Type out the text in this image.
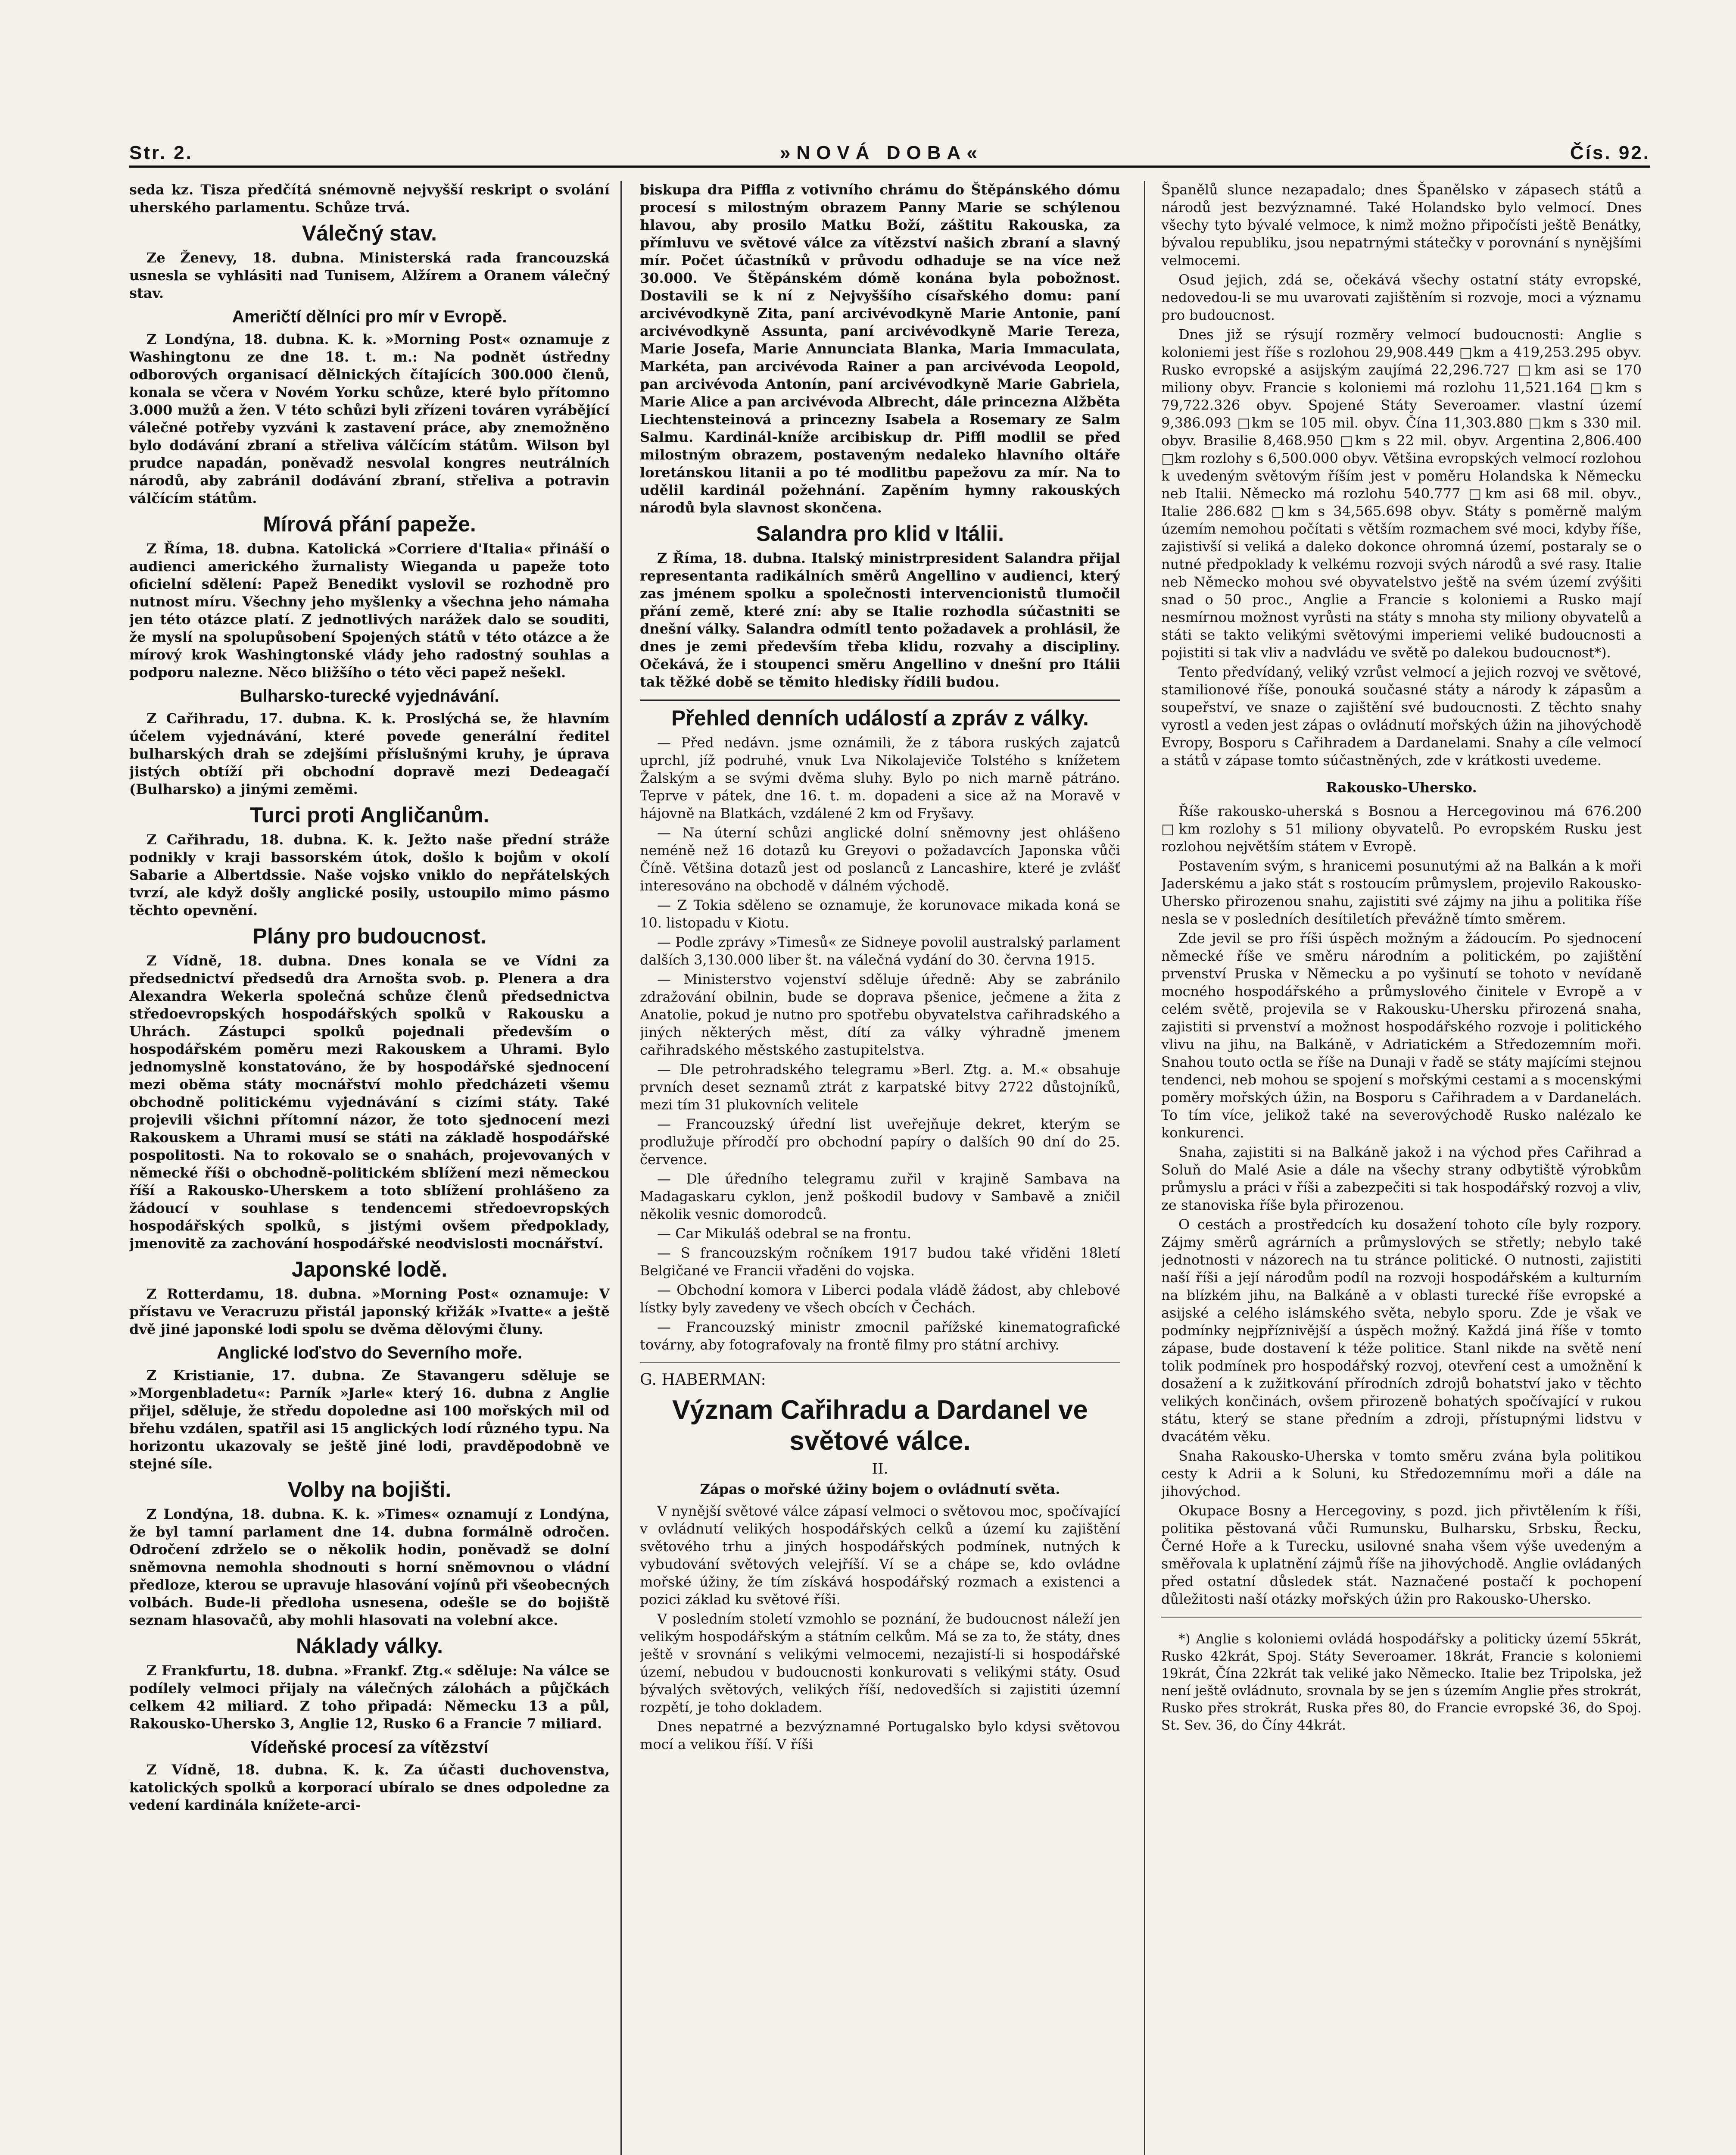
Str. 2.	»NOVÁ DOBA«	Čís. 92.

seda kz. Tisza předčítá snémovně nejvyšší reskript o svolání uherského parlamentu. Schůze trvá.

Válečný stav.

Ze Ženevy, 18. dubna. Ministerská rada francouzská usnesla se vyhlásiti nad Tunisem, Alžírem a Oranem válečný stav.

Američtí dělníci pro mír v Evropě.

Z Londýna, 18. dubna. K. k. »Morning Post« oznamuje z Washingtonu ze dne 18. t. m.: Na podnět ústředny odborových organisací dělnických čítajících 300.000 členů, konala se včera v Novém Yorku schůze, které bylo přítomno 3.000 mužů a žen. V této schůzi byli zřízeni továren vyrábějící válečné potřeby vyzváni k zastavení práce, aby znemožněno bylo dodávání zbraní a střeliva válčícím státům. Wilson byl prudce napadán, poněvadž nesvolal kongres neutrálních národů, aby zabránil dodávání zbraní, střeliva a potravin válčícím státům.

Mírová přání papeže.

Z Říma, 18. dubna. Katolická »Corriere d'Italia« přináší o audienci amerického žurnalisty Wieganda u papeže toto oficielní sdělení: Papež Benedikt vyslovil se rozhodně pro nutnost míru. Všechny jeho myšlenky a všechna jeho námaha jen této otázce platí. Z jednotlivých narážek dalo se souditi, že myslí na spolupůsobení Spojených států v této otázce a že mírový krok Washingtonské vlády jeho radostný souhlas a podporu nalezne. Něco bližšího o této věci papež nešekl.

Bulharsko-turecké vyjednávání.

Z Cařihradu, 17. dubna. K. k. Proslýchá se, že hlavním účelem vyjednávání, které povede generální ředitel bulharských drah se zdejšími příslušnými kruhy, je úprava jistých obtíží při obchodní dopravě mezi Dedeagačí (Bulharsko) a jinými zeměmi.

Turci proti Angličanům.

Z Cařihradu, 18. dubna. K. k. Ježto naše přední stráže podnikly v kraji bassorském útok, došlo k bojům v okolí Sabarie a Albertdssie. Naše vojsko vniklo do nepřátelských tvrzí, ale když došly anglické posily, ustoupilo mimo pásmo těchto opevnění.

Plány pro budoucnost.

Z Vídně, 18. dubna. Dnes konala se ve Vídni za předsednictví předsedů dra Arnošta svob. p. Plenera a dra Alexandra Wekerla společná schůze členů předsednictva středoevropských hospodářských spolků v Rakousku a Uhrách. Zástupci spolků pojednali především o hospodářském poměru mezi Rakouskem a Uhrami. Bylo jednomyslně konstatováno, že by hospodářské sjednocení mezi oběma státy mocnářství mohlo předcházeti všemu obchodně politickému vyjednávání s cizími státy. Také projevili všichni přítomní názor, že toto sjednocení mezi Rakouskem a Uhrami musí se státi na základě hospodářské pospolitosti. Na to rokovalo se o snahách, projevovaných v německé říši o obchodně-politickém sblížení mezi německou říší a Rakousko-Uherskem a toto sblížení prohlášeno za žádoucí v souhlase s tendencemi středoevropských hospodářských spolků, s jistými ovšem předpoklady, jmenovitě za zachování hospodářské neodvislosti mocnářství.

Japonské lodě.

Z Rotterdamu, 18. dubna. »Morning Post« oznamuje: V přístavu ve Veracruzu přistál japonský křižák »Ivatte« a ještě dvě jiné japonské lodi spolu se dvěma dělovými čluny.

Anglické loďstvo do Severního moře.

Z Kristianie, 17. dubna. Ze Stavangeru sděluje se »Morgenbladetu«: Parník »Jarle« který 16. dubna z Anglie přijel, sděluje, že středu dopoledne asi 100 mořských mil od břehu vzdálen, spatřil asi 15 anglických lodí různého typu. Na horizontu ukazovaly se ještě jiné lodi, pravděpodobně ve stejné síle.

Volby na bojišti.

Z Londýna, 18. dubna. K. k. »Times« oznamují z Londýna, že byl tamní parlament dne 14. dubna formálně odročen. Odročení zdrželo se o několik hodin, poněvadž se dolní sněmovna nemohla shodnouti s horní sněmovnou o vládní předloze, kterou se upravuje hlasování vojínů při všeobecných volbách. Bude-li předloha usnesena, odešle se do bojiště seznam hlasovačů, aby mohli hlasovati na volební akce.

Náklady války.

Z Frankfurtu, 18. dubna. »Frankf. Ztg.« sděluje: Na válce se podílely velmoci přijaly na válečných zálohách a půjčkách celkem 42 miliard. Z toho připadá: Německu 13 a půl, Rakousko-Uhersko 3, Anglie 12, Rusko 6 a Francie 7 miliard.

Vídeňské procesí za vítězství

Z Vídně, 18. dubna. K. k. Za účasti duchovenstva, katolických spolků a korporací ubíralo se dnes odpoledne za vedení kardinála knížete-arci-

biskupa dra Piffla z votivního chrámu do Štěpánského dómu procesí s milostným obrazem Panny Marie se schýlenou hlavou, aby prosilo Matku Boží, záštitu Rakouska, za přímluvu ve světové válce za vítězství našich zbraní a slavný mír. Počet účastníků v průvodu odhaduje se na více než 30.000. Ve Štěpánském dómě konána byla pobožnost. Dostavili se k ní z Nejvyššího císařského domu: paní arcivévodkyně Zita, paní arcivévodkyně Marie Antonie, paní arcivévodkyně Assunta, paní arcivévodkyně Marie Tereza, Marie Josefa, Marie Annunciata Blanka, Maria Immaculata, Markéta, pan arcivévoda Rainer a pan arcivévoda Leopold, pan arcivévoda Antonín, paní arcivévodkyně Marie Gabriela, Marie Alice a pan arcivévoda Albrecht, dále princezna Alžběta Liechtensteinová a princezny Isabela a Rosemary ze Salm Salmu. Kardinál-kníže arcibiskup dr. Piffl modlil se před milostným obrazem, postaveným nedaleko hlavního oltáře loretánskou litanii a po té modlitbu papežovu za mír. Na to udělil kardinál požehnání. Zapěním hymny rakouských národů byla slavnost skončena.

Salandra pro klid v Itálii.

Z Říma, 18. dubna. Italský ministrpresident Salandra přijal representanta radikálních směrů Angellino v audienci, který zas jménem spolku a společnosti intervencionistů tlumočil přání země, které zní: aby se Italie rozhodla súčastniti se dnešní války. Salandra odmítl tento požadavek a prohlásil, že dnes je zemi především třeba klidu, rozvahy a discipliny. Očekává, že i stoupenci směru Angellino v dnešní pro Itálii tak těžké době se těmito hledisky řídili budou.

Přehled denních událostí a zpráv z války.

— Před nedávn. jsme oznámili, že z tábora ruských zajatců uprchl, jíž podruhé, vnuk Lva Nikolajeviče Tolstého s knížetem Žalským a se svými dvěma sluhy. Bylo po nich marně pátráno. Teprve v pátek, dne 16. t. m. dopadeni a sice až na Moravě v hájovně na Blatkách, vzdálené 2 km od Fryšavy.

— Na úterní schůzi anglické dolní sněmovny jest ohlášeno neméně než 16 dotazů ku Greyovi o požadavcích Japonska vůči Číně. Většina dotazů jest od poslanců z Lancashire, které je zvlášť interesováno na obchodě v dálném východě.

— Z Tokia sděleno se oznamuje, že korunovace mikada koná se 10. listopadu v Kiotu.

— Podle zprávy »Timesů« ze Sidneye povolil australský parlament dalších 3,130.000 liber št. na válečná vydání do 30. června 1915.

— Ministerstvo vojenství sděluje úředně: Aby se zabránilo zdražování obilnin, bude se doprava pšenice, ječmene a žita z Anatolie, pokud je nutno pro spotřebu obyvatelstva cařihradského a jiných některých měst, dítí za války výhradně jmenem cařihradského městského zastupitelstva.

— Dle petrohradského telegramu »Berl. Ztg. a. M.« obsahuje prvních deset seznamů ztrát z karpatské bitvy 2722 důstojníků, mezi tím 31 plukovních velitele

— Francouzský úřední list uveřejňuje dekret, kterým se prodlužuje přírodčí pro obchodní papíry o dalších 90 dní do 25. července.

— Dle úředního telegramu zuřil v krajině Sambava na Madagaskaru cyklon, jenž poškodil budovy v Sambavě a zničil několik vesnic domorodců.

— Car Mikuláš odebral se na frontu.

— S francouzským ročníkem 1917 budou také vřiděni 18letí Belgičané ve Francii vřaděni do vojska.

— Obchodní komora v Liberci podala vládě žádost, aby chlebové lístky byly zavedeny ve všech obcích v Čechách.

— Francouzský ministr zmocnil pařížské kinematografické továrny, aby fotografovaly na frontě filmy pro státní archivy.

G. HABERMAN:
Význam Cařihradu a Dardanel ve světové válce.
II.
Zápas o mořské úžiny bojem o ovládnutí světa.

V nynější světové válce zápasí velmoci o světovou moc, spočívající v ovládnutí velikých hospodářských celků a území ku zajištění světového trhu a jiných hospodářských podmínek, nutných k vybudování světových velejříší. Ví se a chápe se, kdo ovládne mořské úžiny, že tím získává hospodářský rozmach a existenci a pozici základ ku světové říši.

V posledním století vzmohlo se poznání, že budoucnost náleží jen velikým hospodářským a státním celkům. Má se za to, že státy, dnes ještě v srovnání s velikými velmocemi, nezajistí-li si hospodářské území, nebudou v budoucnosti konkurovati s velikými státy. Osud bývalých světových, velikých říší, nedovedších si zajistiti územní rozpětí, je toho dokladem.

Dnes nepatrné a bezvýznamné Portugalsko bylo kdysi světovou mocí a velikou říší. V říši

Španělů slunce nezapadalo; dnes Španělsko v zápasech států a národů jest bezvýznamné. Také Holandsko bylo velmocí. Dnes všechy tyto bývalé velmoce, k nimž možno připočísti ještě Benátky, bývalou republiku, jsou nepatrnými státečky v porovnání s nynějšími velmocemi.

Osud jejich, zdá se, očekává všechy ostatní státy evropské, nedovedou-li se mu uvarovati zajištěním si rozvoje, moci a významu pro budoucnost.

Dnes již se rýsují rozměry velmocí budoucnosti: Anglie s koloniemi jest říše s rozlohou 29,908.449 □km a 419,253.295 obyv. Rusko evropské a asijským zaujímá 22,296.727 □km asi se 170 miliony obyv. Francie s koloniemi má rozlohu 11,521.164 □km s 79,722.326 obyv. Spojené Státy Severoamer. vlastní území 9,386.093 □km se 105 mil. obyv. Čína 11,303.880 □km s 330 mil. obyv. Brasilie 8,468.950 □km s 22 mil. obyv. Argentina 2,806.400 □km rozlohy s 6,500.000 obyv. Většina evropských velmocí rozlohou k uvedeným světovým říším jest v poměru Holandska k Německu neb Italii. Německo má rozlohu 540.777 □km asi 68 mil. obyv., Italie 286.682 □km s 34,565.698 obyv. Státy s poměrně malým územím nemohou počítati s větším rozmachem své moci, kdyby říše, zajistivší si veliká a daleko dokonce ohromná území, postaraly se o nutné předpoklady k velkému rozvoji svých národů a své rasy. Italie neb Německo mohou své obyvatelstvo ještě na svém území zvýšiti snad o 50 proc., Anglie a Francie s koloniemi a Rusko mají nesmírnou možnost vyrůsti na státy s mnoha sty miliony obyvatelů a státi se takto velikými světovými imperiemi veliké budoucnosti a pojistiti si tak vliv a nadvládu ve světě po dalekou budoucnost*).

Tento předvídaný, veliký vzrůst velmocí a jejich rozvoj ve světové, stamilionové říše, ponouká současné státy a národy k zápasům a soupeřství, ve snaze o zajištění své budoucnosti. Z těchto snahy vyrostl a veden jest zápas o ovládnutí mořských úžin na jihovýchodě Evropy, Bosporu s Cařihradem a Dardanelami. Snahy a cíle velmocí a států v zápase tomto súčastněných, zde v krátkosti uvedeme.

Rakousko-Uhersko.

Říše rakousko-uherská s Bosnou a Hercegovinou má 676.200 □km rozlohy s 51 miliony obyvatelů. Po evropském Rusku jest rozlohou největším státem v Evropě.

Postavením svým, s hranicemi posunutými až na Balkán a k moři Jaderskému a jako stát s rostoucím průmyslem, projevilo Rakousko-Uhersko přirozenou snahu, zajistiti své zájmy na jihu a politika říše nesla se v posledních desítiletích převážně tímto směrem.

Zde jevil se pro říši úspěch možným a žádoucím. Po sjednocení německé říše ve směru národním a politickém, po zajištění prvenství Pruska v Německu a po vyšinutí se tohoto v nevídaně mocného hospodářského a průmyslového činitele v Evropě a v celém světě, projevila se v Rakousku-Uhersku přirozená snaha, zajistiti si prvenství a možnost hospodářského rozvoje i politického vlivu na jihu, na Balkáně, v Adriatickém a Středozemním moři. Snahou touto octla se říše na Dunaji v řadě se státy majícími stejnou tendenci, neb mohou se spojení s mořskými cestami a s mocenskými poměry mořských úžin, na Bosporu s Cařihradem a v Dardanelách. To tím více, jelikož také na severovýchodě Rusko nalézalo ke konkurenci.

Snaha, zajistiti si na Balkáně jakož i na východ přes Cařihrad a Soluň do Malé Asie a dále na všechy strany odbytiště výrobkům průmyslu a práci v říši a zabezpečiti si tak hospodářský rozvoj a vliv, ze stanoviska říše byla přirozenou.

O cestách a prostředcích ku dosažení tohoto cíle byly rozpory. Zájmy směrů agrárních a průmyslových se střetly; nebylo také jednotnosti v názorech na tu stránce politické. O nutnosti, zajistiti naší říši a její národům podíl na rozvoji hospodářském a kulturním na blízkém jihu, na Balkáně a v oblasti turecké říše evropské a asijské a celého islámského světa, nebylo sporu. Zde je však ve podmínky nejpříznivější a úspěch možný. Každá jiná říše v tomto zápase, bude dostavení k téže politice. Stanl nikde na světě není tolik podmínek pro hospodářský rozvoj, otevření cest a umožnění k dosažení a k zužitkování přírodních zdrojů bohatství jako v těchto velikých končinách, ovšem přirozeně bohatých spočívající v rukou státu, který se stane předním a zdroji, přístupnými lidstvu v dvacátém věku.

Snaha Rakousko-Uherska v tomto směru zvána byla politikou cesty k Adrii a k Soluni, ku Středozemnímu moři a dále na jihovýchod.

Okupace Bosny a Hercegoviny, s pozd. jich přivtělením k říši, politika pěstovaná vůči Rumunsku, Bulharsku, Srbsku, Řecku, Černé Hoře a k Turecku, usilovné snaha všem výše uvedeným a směřovala k uplatnění zájmů říše na jihovýchodě. Anglie ovládaných před ostatní důsledek stát. Naznačené postačí k pochopení důležitosti naší otázky mořských úžin pro Rakousko-Uhersko.

*) Anglie s koloniemi ovládá hospodářsky a politicky území 55krát, Rusko 42krát, Spoj. Státy Severoamer. 18krát, Francie s koloniemi 19krát, Čína 22krát tak veliké jako Německo. Italie bez Tripolska, jež není ještě ovládnuto, srovnala by se jen s územím Anglie přes strokrát, Rusko přes strokrát, Ruska přes 80, do Francie evropské 36, do Spoj. St. Sev. 36, do Číny 44krát.
